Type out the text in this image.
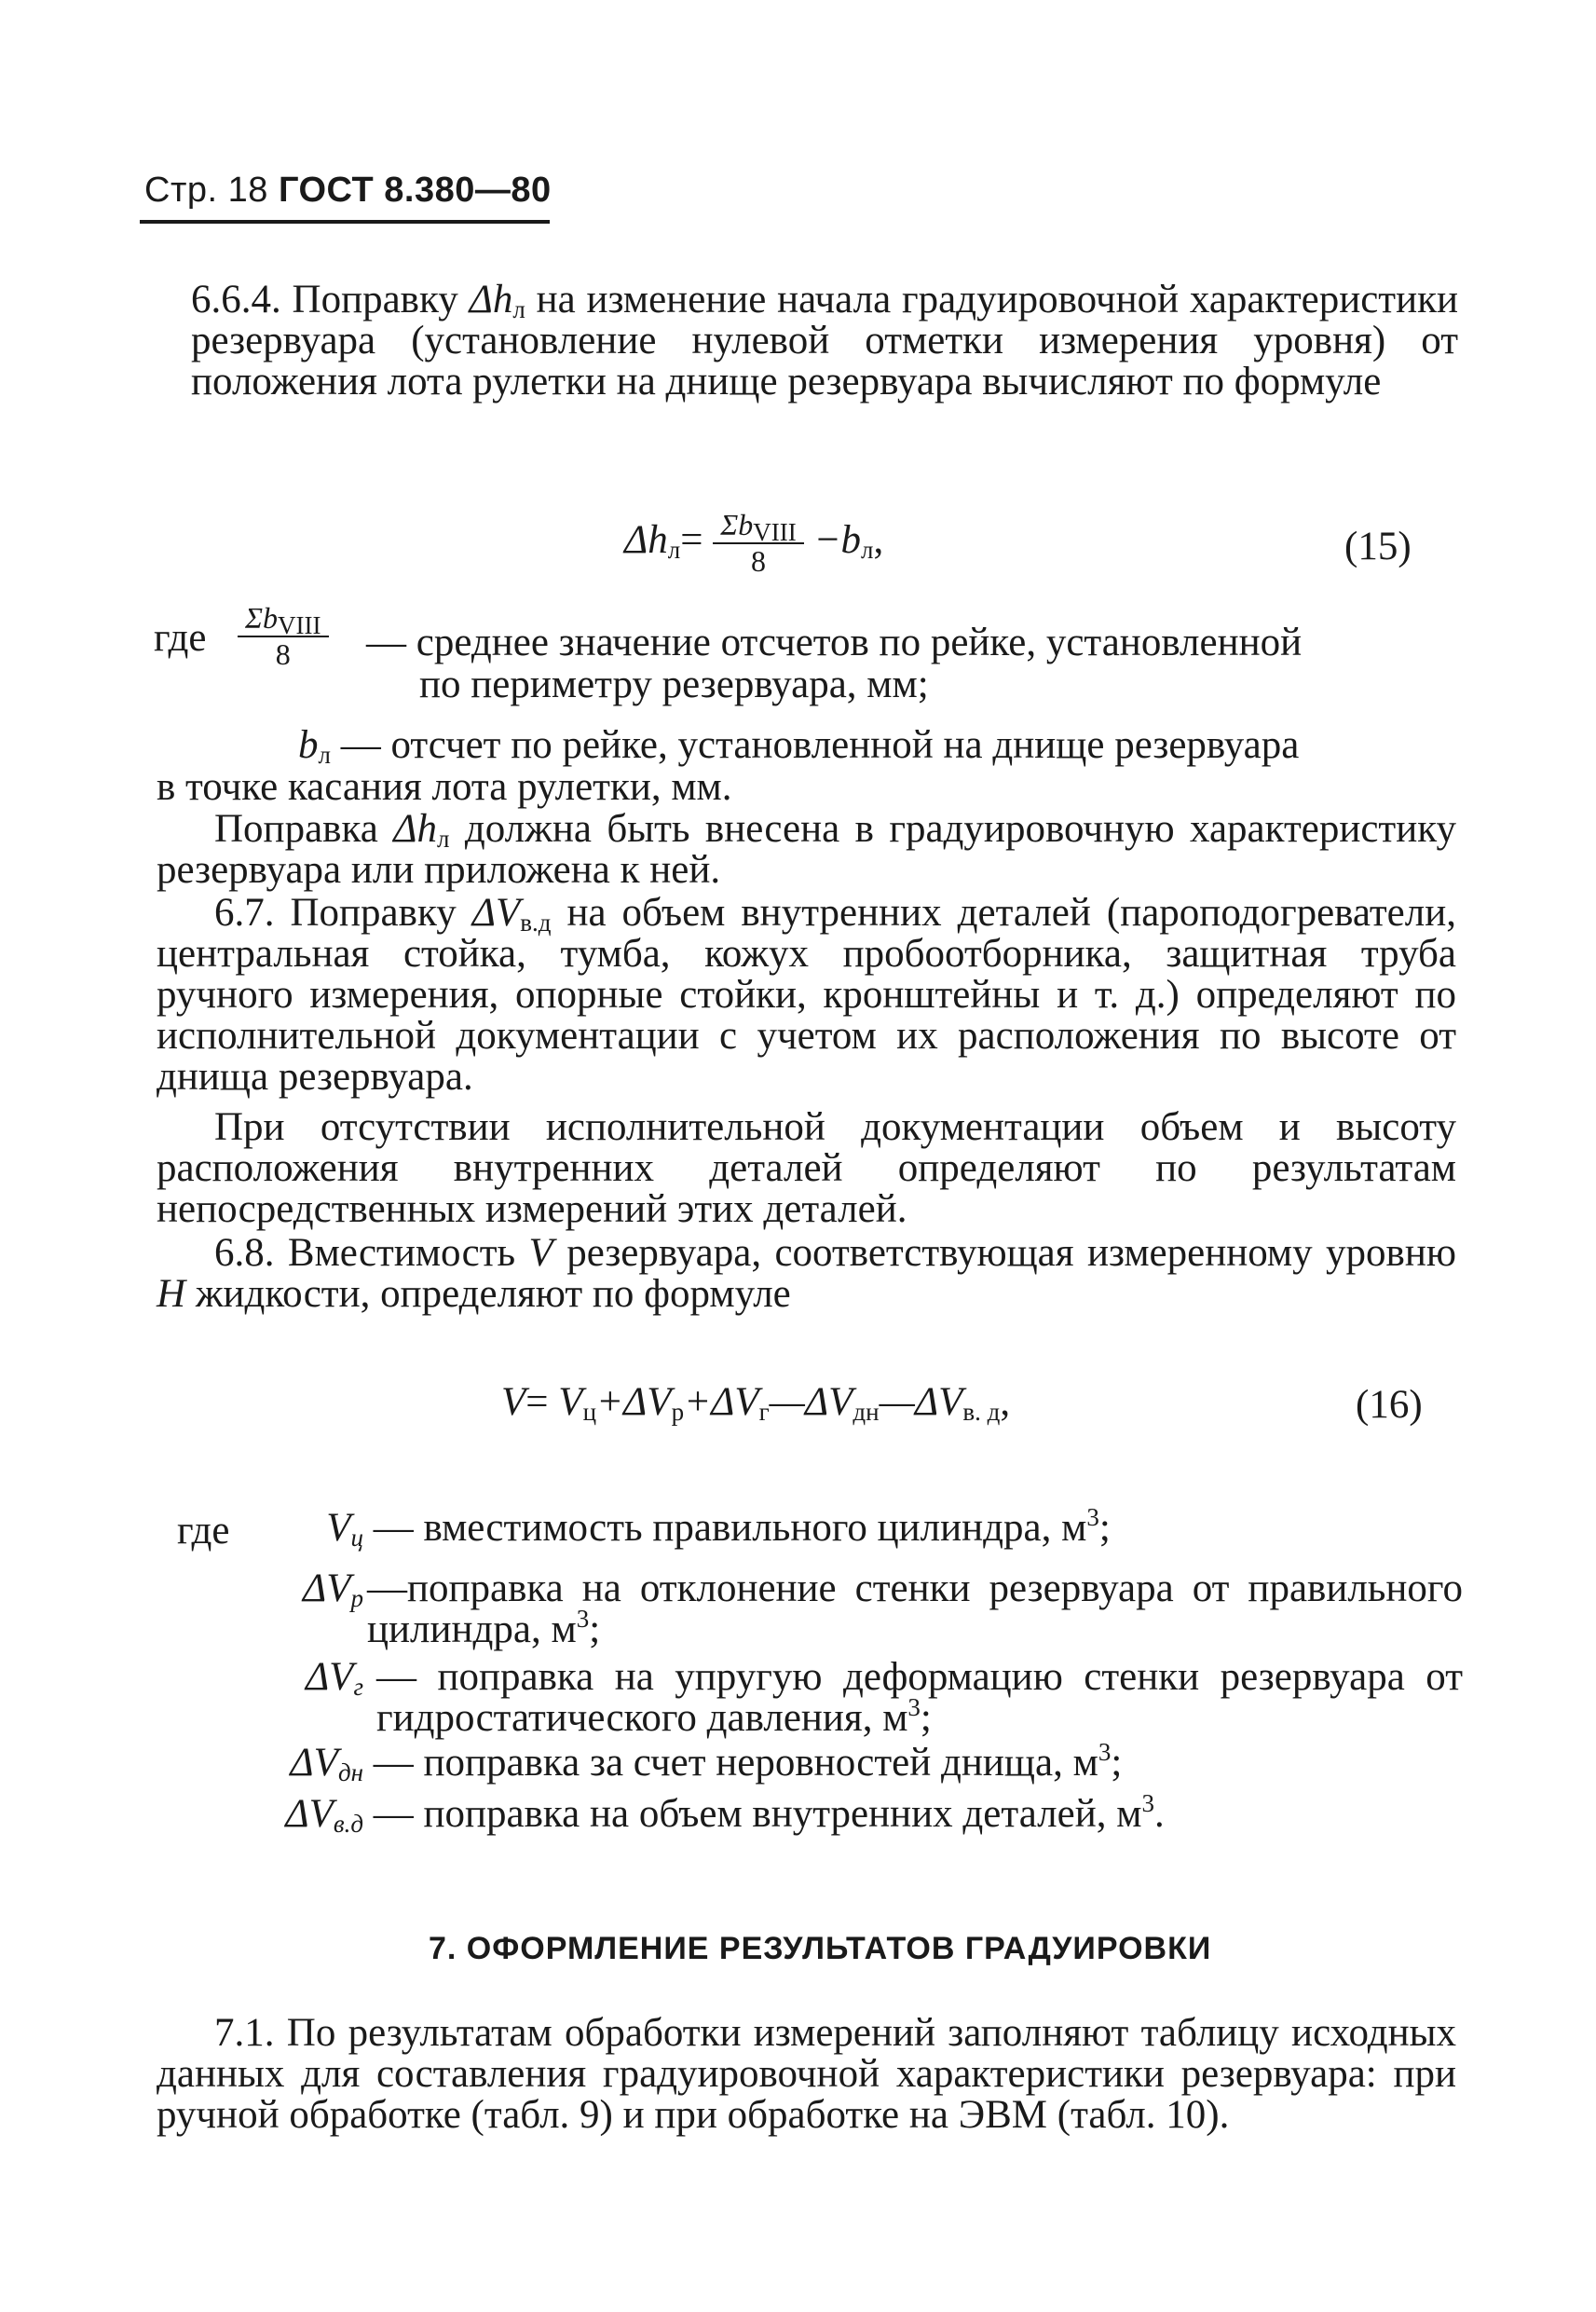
Стр. 18 ГОСТ 8.380—80

6.6.4. Поправку $\Delta h_л$ на изменение начала градуировочной характеристики резервуара (установление нулевой отметки измерения уровня) от положения лота рулетки на днище резервуара вычисляют по формуле

$\Delta h_л= \frac{\Sigma b_{VIII}}{8} -b_л$,	(15)
где $\frac{\Sigma b_{VIII}}{8}$ — среднее значение отсчетов по рейке, установленной
по периметру резервуара, мм;
$b_л$ — отсчет по рейке, установленной на днище резервуара
в точке касания лота рулетки, мм.

Поправка $\Delta h_л$ должна быть внесена в градуировочную характеристику резервуара или приложена к ней.

6.7. Поправку $\Delta V_{в.д}$ на объем внутренних деталей (пароподогреватели, центральная стойка, тумба, кожух пробоотборника, защитная труба ручного измерения, опорные стойки, кронштейны и т. д.) определяют по исполнительной документации с учетом их расположения по высоте от днища резервуара.

При отсутствии исполнительной документации объем и высоту расположения внутренних деталей определяют по результатам непосредственных измерений этих деталей.

6.8. Вместимость V резервуара, соответствующая измеренному уровню H жидкости, определяют по формуле

$V= V_ц+\Delta V_р+\Delta V_г—\Delta V_{дн}—\Delta V_{в. д}$,	(16)
где	$V_ц$ — вместимость правильного цилиндра, $м^3$;
$\Delta V_р$ —поправка на отклонение стенки резервуара от правильного цилиндра, $м^3$;
$\Delta V_г$ — поправка на упругую деформацию стенки резервуара от гидростатического давления, $м^3$;
$\Delta V_{дн}$ — поправка за счет неровностей днища, $м^3$;
$\Delta V_{в.д}$ — поправка на объем внутренних деталей, $м^3$.
7. ОФОРМЛЕНИЕ РЕЗУЛЬТАТОВ ГРАДУИРОВКИ

7.1. По результатам обработки измерений заполняют таблицу исходных данных для составления градуировочной характеристики резервуара: при ручной обработке (табл. 9) и при обработке на ЭВМ (табл. 10).
